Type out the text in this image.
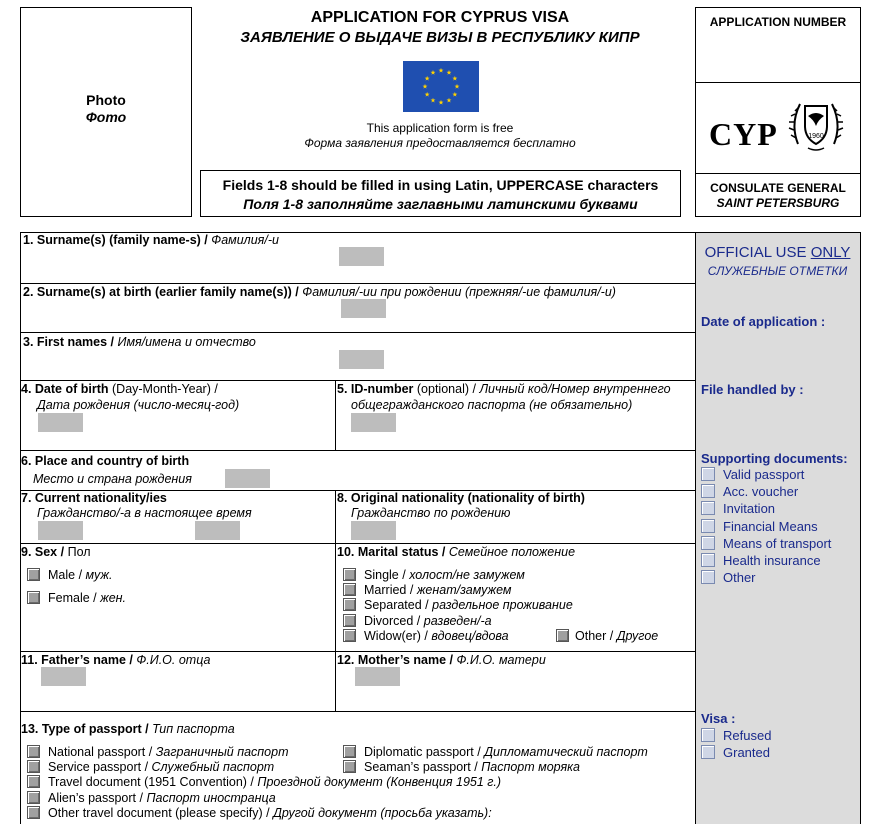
Photo
Фото
APPLICATION FOR CYPRUS VISA
ЗАЯВЛЕНИЕ О ВЫДАЧЕ ВИЗЫ В РЕСПУБЛИКУ КИПР
This application form is free
Форма заявления предоставляется бесплатно
Fields 1-8 should be filled in using Latin, UPPERCASE characters
Поля 1-8 заполняйте заглавными латинскими буквами
APPLICATION NUMBER
CYP	1960
CONSULATE GENERAL
SAINT PETERSBURG
OFFICIAL USE ONLY
СЛУЖЕБНЫЕ ОТМЕТКИ
Date of application :
File handled by :
Supporting documents:
Valid passport
Acc. voucher
Invitation
Financial Means
Means of transport
Health insurance
Other
Visa :
Refused
Granted
1. Surname(s) (family name-s) / Фамилия/-и
2. Surname(s) at birth (earlier family name(s)) / Фамилия/-ии при рождении (прежняя/-ие фамилия/-и)
3. First names / Имя/имена и отчество
4. Date of birth (Day-Month-Year) /
Дата рождения (число-месяц-год)
5. ID-number (optional) / Личный код/Номер внутреннего
общегражданского паспорта (не обязательно)
6. Place and country of birth
Место и страна рождения
7. Current nationality/ies
Гражданство/-а в настоящее время
8. Original nationality (nationality of birth)
Гражданство по рождению
9. Sex / Пол
Male / муж.
Female / жен.
10. Marital status / Семейное положение
Single / холост/не замужем
Married / женат/замужем
Separated / раздельное проживание
Divorced / разведен/-а
Widow(er) / вдовец/вдова	Other / Другое
11. Father’s name / Ф.И.О. отца	12. Mother’s name / Ф.И.О. матери
13. Type of passport / Тип паспорта
National passport / Заграничный паспорт	Diplomatic passport / Дипломатический паспорт
Service passport / Служебный паспорт	Seaman’s passport / Паспорт моряка
Travel document (1951 Convention) / Проездной документ (Конвенция 1951 г.)
Alien’s passport / Паспорт иностранца
Other travel document (please specify) / Другой документ (просьба указать):
